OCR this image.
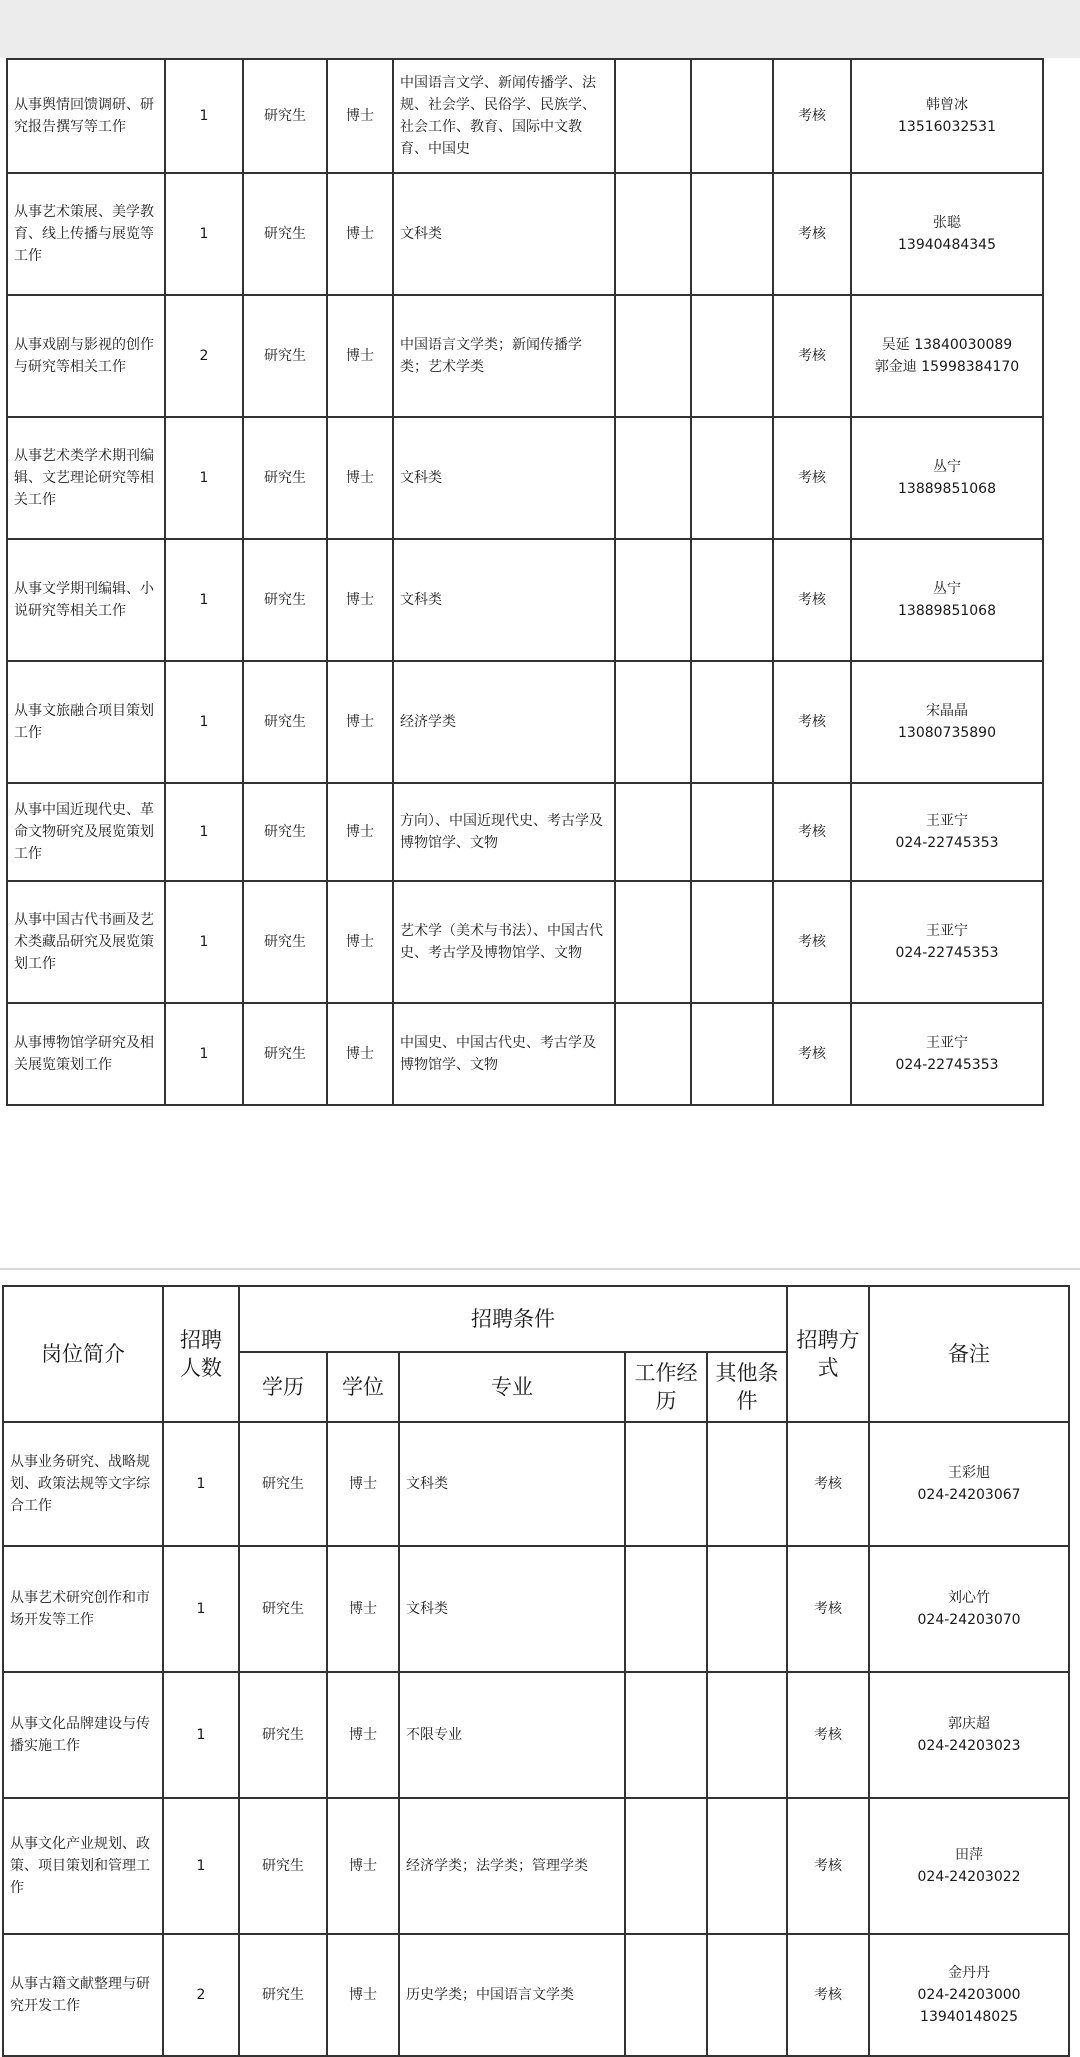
从事舆情回馈调研、研究报告撰写等工作	1	研究生	博士	中国语言文学、新闻传播学、法规、社会学、民俗学、民族学、社会工作、教育、国际中文教育、中国史			考核	韩曾冰
13516032531

从事艺术策展、美学教育、线上传播与展览等工作	1	研究生	博士	文科类			考核	张聪
13940484345

从事戏剧与影视的创作与研究等相关工作	2	研究生	博士	中国语言文学类；新闻传播学类；艺术学类			考核	吴延 13840030089
郭金迪 15998384170

从事艺术类学术期刊编辑、文艺理论研究等相关工作	1	研究生	博士	文科类			考核	丛宁
13889851068

从事文学期刊编辑、小说研究等相关工作	1	研究生	博士	文科类			考核	丛宁
13889851068

从事文旅融合项目策划工作	1	研究生	博士	经济学类			考核	宋晶晶
13080735890

从事中国近现代史、革命文物研究及展览策划工作	1	研究生	博士	方向）、中国近现代史、考古学及博物馆学、文物			考核	王亚宁
024-22745353

从事中国古代书画及艺术类藏品研究及展览策划工作	1	研究生	博士	艺术学（美术与书法）、中国古代史、考古学及博物馆学、文物			考核	王亚宁
024-22745353

从事博物馆学研究及相关展览策划工作	1	研究生	博士	中国史、中国古代史、考古学及博物馆学、文物			考核	王亚宁
024-22745353
岗位简介	招聘人数	招聘条件					招聘方式	备注
		学历	学位	专业	工作经历	其他条件		
从事业务研究、战略规划、政策法规等文字综合工作	1	研究生	博士	文科类			考核	王彩旭
024-24203067

从事艺术研究创作和市场开发等工作	1	研究生	博士	文科类			考核	刘心竹
024-24203070

从事文化品牌建设与传播实施工作	1	研究生	博士	不限专业			考核	郭庆超
024-24203023

从事文化产业规划、政策、项目策划和管理工作	1	研究生	博士	经济学类；法学类；管理学类			考核	田萍
024-24203022

从事古籍文献整理与研究开发工作	2	研究生	博士	历史学类；中国语言文学类			考核	金丹丹
024-24203000
13940148025
